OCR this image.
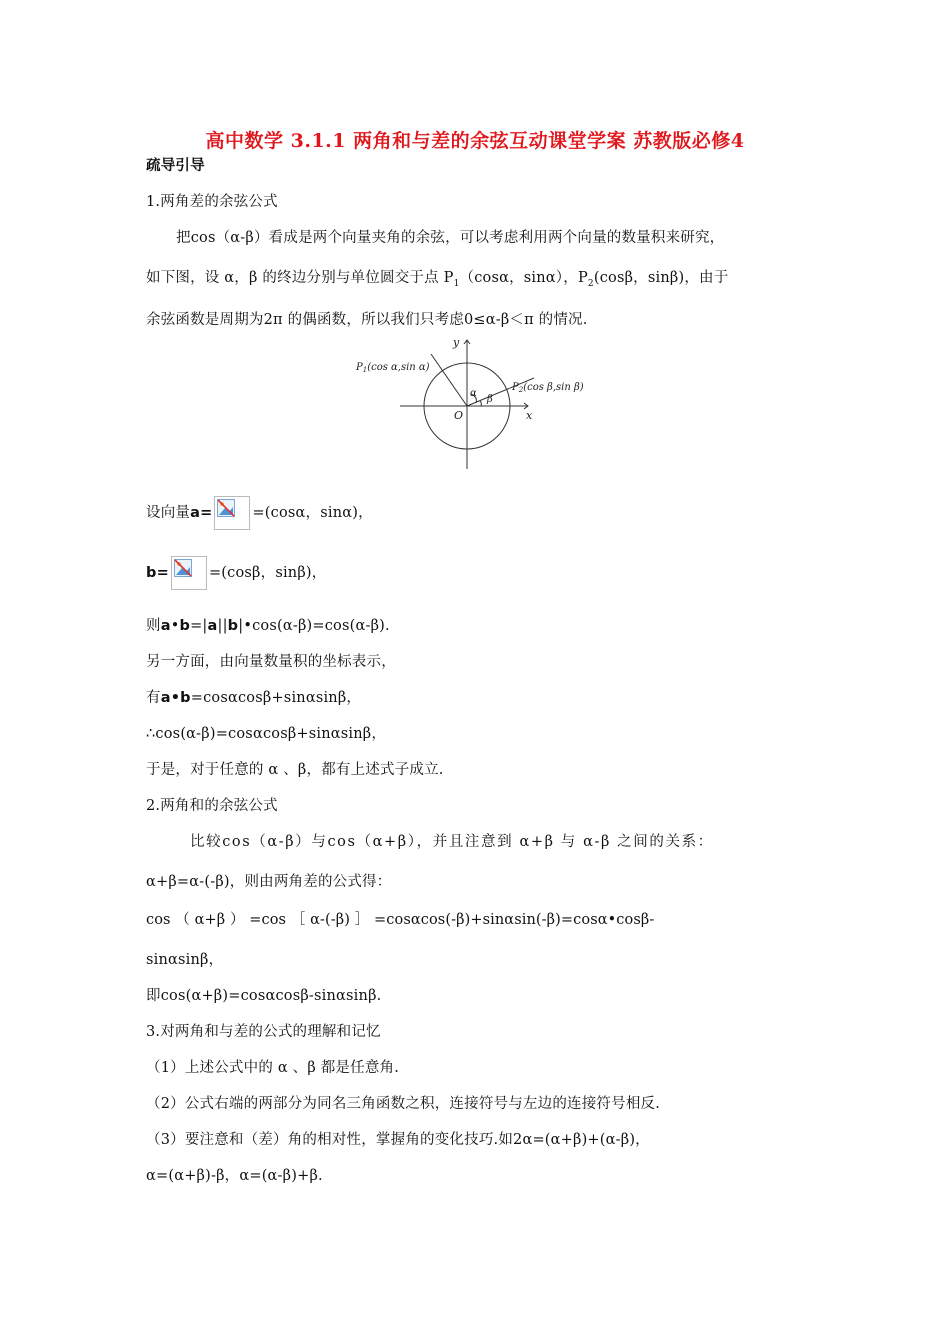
高中数学 3.1.1 两角和与差的余弦互动课堂学案 苏教版必修4
疏导引导
1.两角差的余弦公式
把cos（α-β）看成是两个向量夹角的余弦，可以考虑利用两个向量的数量积来研究，
如下图，设 α，β 的终边分别与单位圆交于点 $P_1(\cos\alpha$，sinα），$P_2(\cos\beta$，sinβ)，由于
余弦函数是周期为2π 的偶函数，所以我们只考虑0≤α-β＜π 的情况.
y
x
O
α
β
$P_1(\cos$ α,sin α)
$P_2(\cos$ β,sin β)
设向量a=	=(cosα，sinα)，
b=	=(cosβ，sinβ)，
则a•b=|a||b|•cos(α-β)=cos(α-β).
另一方面，由向量数量积的坐标表示，
有a•b=cosαcosβ+sinαsinβ，
∴cos(α-β)=cosαcosβ+sinαsinβ，
于是，对于任意的 α 、β，都有上述式子成立.
2.两角和的余弦公式
比较cos（α-β）与cos（α+β），并且注意到 α+β 与 α-β 之间的关系：
α+β=α-(-β)，则由两角差的公式得：
cos （ α+β ） =cos ［ α-(-β) ］ =cosαcos(-β)+sinαsin(-β)=cosα•cosβ-
sinαsinβ，
即cos(α+β)=cosαcosβ-sinαsinβ.
3.对两角和与差的公式的理解和记忆
（1）上述公式中的 α 、β 都是任意角.
（2）公式右端的两部分为同名三角函数之积，连接符号与左边的连接符号相反.
（3）要注意和（差）角的相对性，掌握角的变化技巧.如2α=(α+β)+(α-β)，
α=(α+β)-β，α=(α-β)+β.
